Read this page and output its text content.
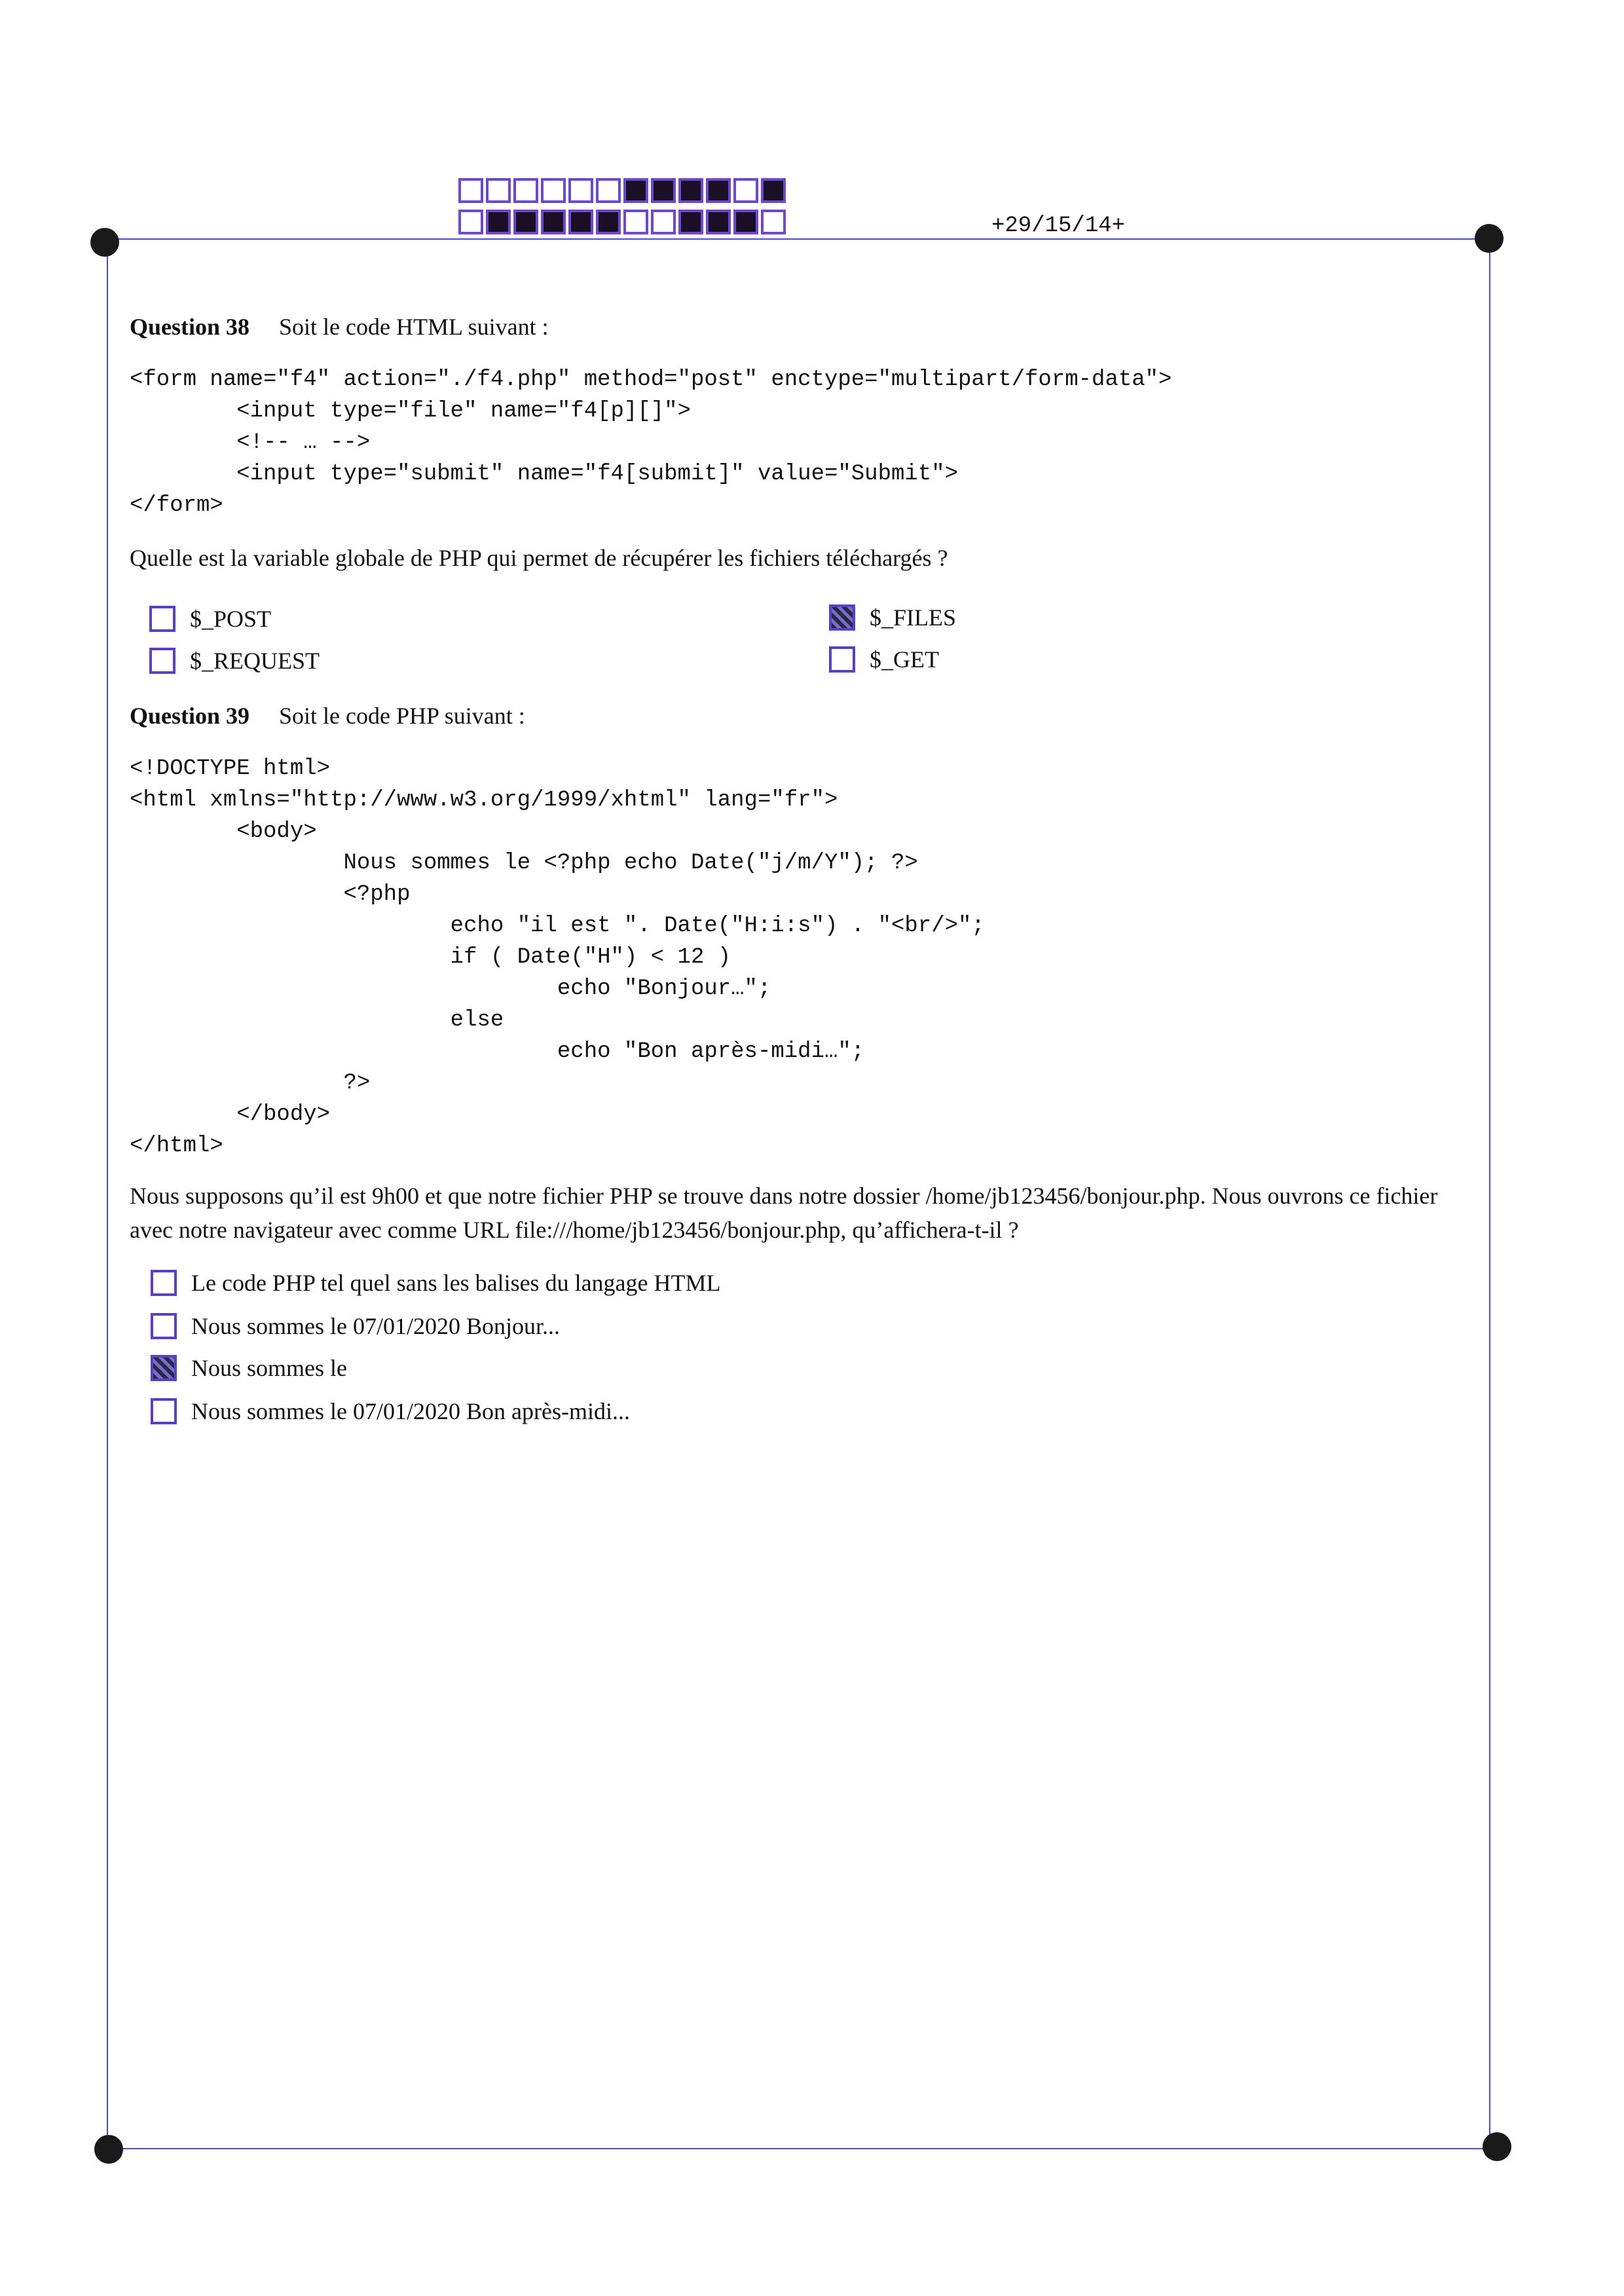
+29/15/14+
Question 38 Soit le code HTML suivant :
<form name="f4" action="./f4.php" method="post" enctype="multipart/form-data">
<input type="file" name="f4[p][]">
<!-- … -->
<input type="submit" name="f4[submit]" value="Submit">
</form>
Quelle est la variable globale de PHP qui permet de récupérer les fichiers téléchargés ?
$_POST	$_FILES
$_REQUEST	$_GET
Question 39 Soit le code PHP suivant :
<!DOCTYPE html>
<html xmlns="http://www.w3.org/1999/xhtml" lang="fr">
<body>
Nous sommes le <?php echo Date("j/m/Y"); ?>
<?php
echo "il est ". Date("H:i:s") . "<br/>";
if ( Date("H") < 12 )
echo "Bonjour…";
else
echo "Bon après-midi…";
?>
</body>
</html>
Nous supposons qu’il est 9h00 et que notre fichier PHP se trouve dans notre dossier /home/jb123456/bonjour.php. Nous ouvrons ce fichier avec notre navigateur avec comme URL file:///home/jb123456/bonjour.php, qu’affichera-t-il ?
Le code PHP tel quel sans les balises du langage HTML
Nous sommes le 07/01/2020 Bonjour...
Nous sommes le
Nous sommes le 07/01/2020 Bon après-midi...
